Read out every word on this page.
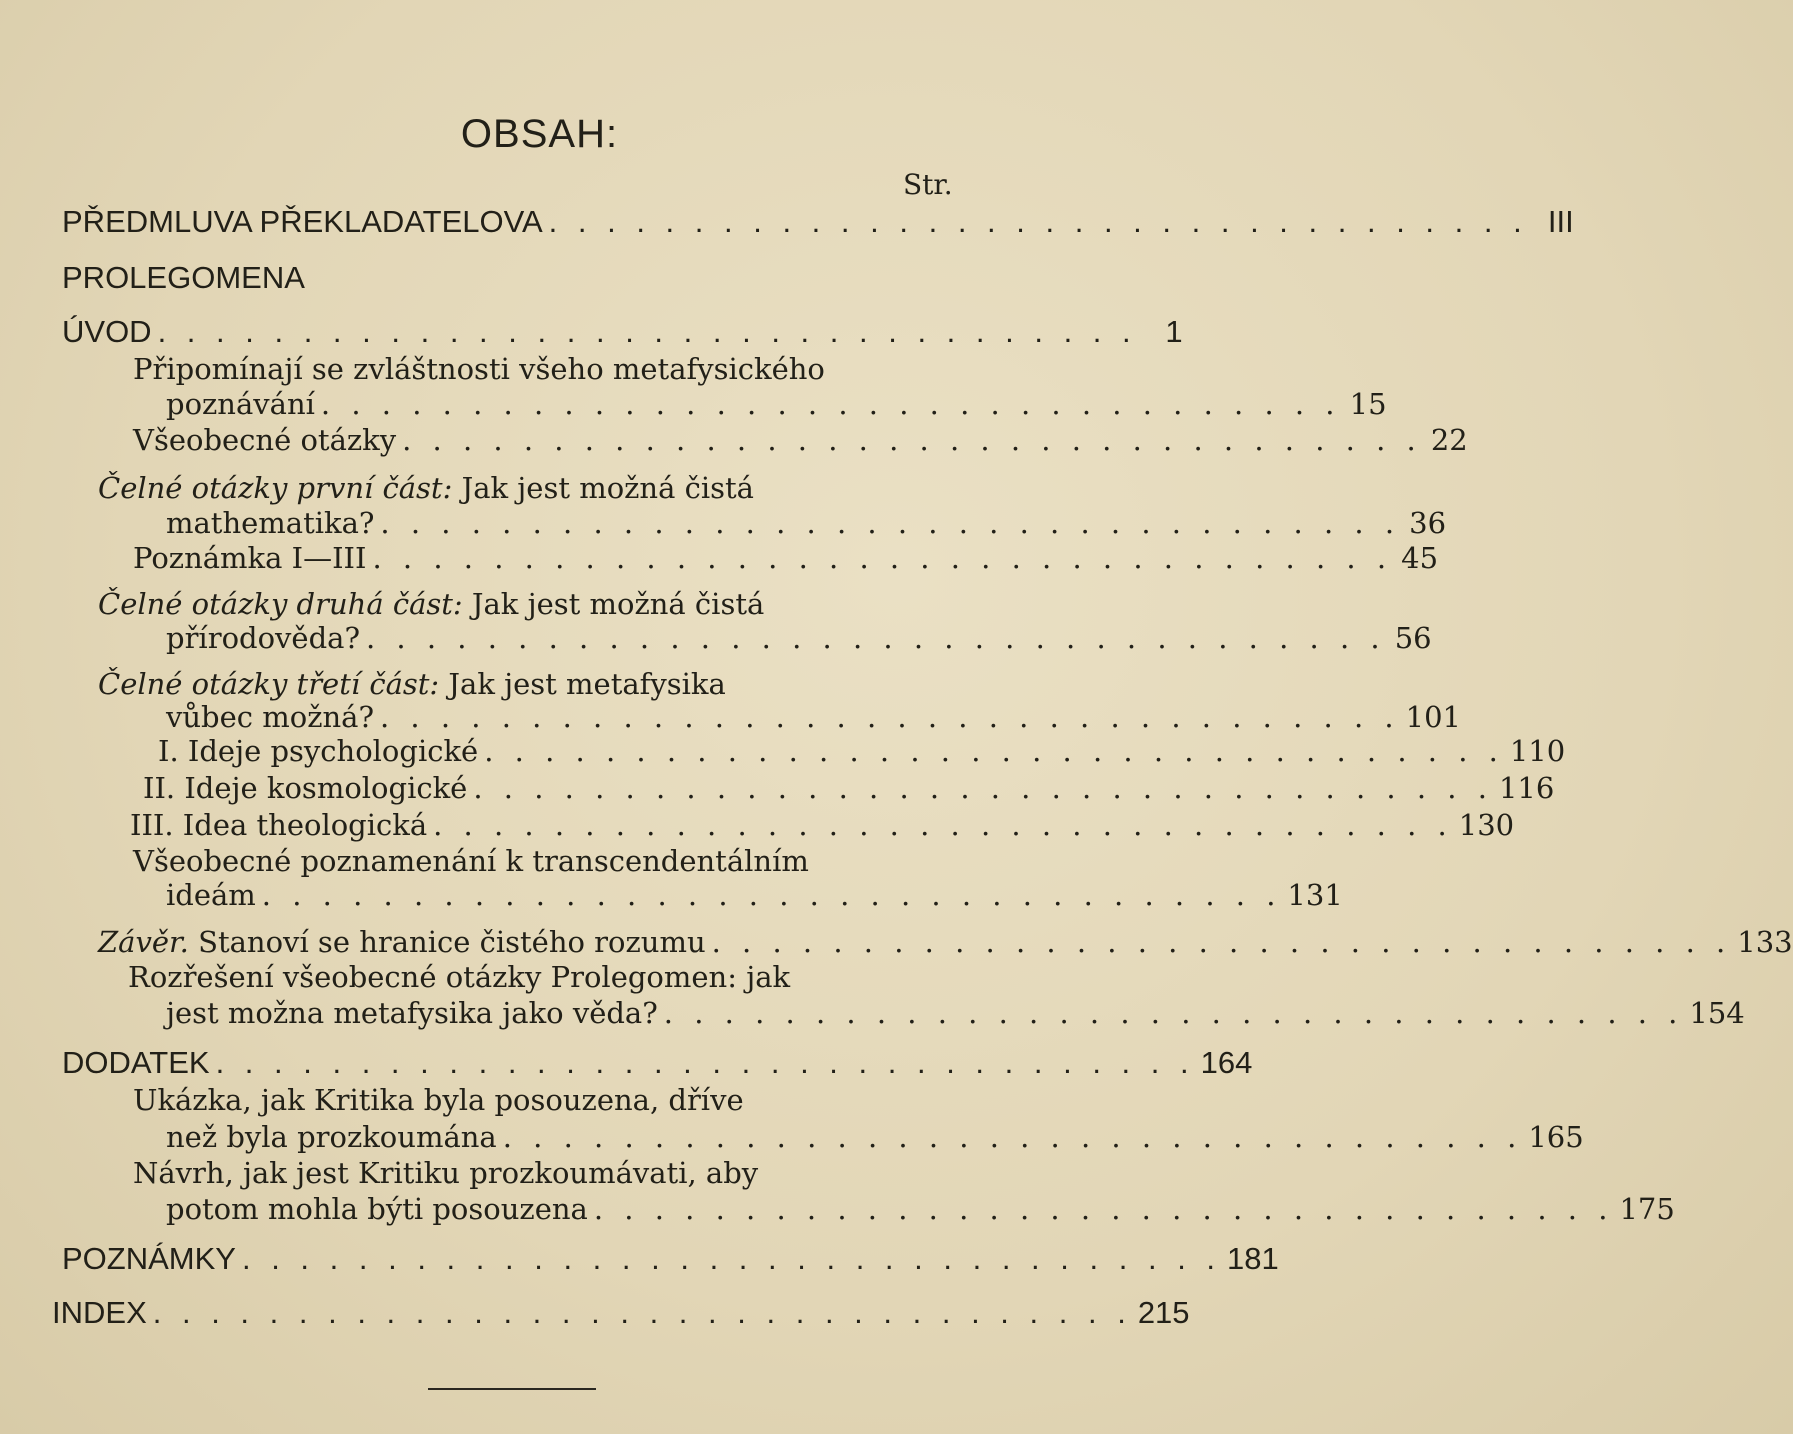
OBSAH:
Str.
PŘEDMLUVA PŘEKLADATELOVA . . . . . . . . . . . . . . . . . . . . . . . . . . . . . . . . . . III
PROLEGOMENA
ÚVOD . . . . . . . . . . . . . . . . . . . . . . . . . . . . . . . . . . 1
Připomínají se zvláštnosti všeho metafysického
poznávání . . . . . . . . . . . . . . . . . . . . . . . . . . . . . . . . . . 15
Všeobecné otázky . . . . . . . . . . . . . . . . . . . . . . . . . . . . . . . . . . 22
Čelné otázky první část:
Jak jest možná čistá
mathematika? . . . . . . . . . . . . . . . . . . . . . . . . . . . . . . . . . . 36
Poznámka I—III . . . . . . . . . . . . . . . . . . . . . . . . . . . . . . . . . . 45
Čelné otázky druhá část:
Jak jest možná čistá
přírodověda? . . . . . . . . . . . . . . . . . . . . . . . . . . . . . . . . . . 56
Čelné otázky třetí část:
Jak jest metafysika
vůbec možná? . . . . . . . . . . . . . . . . . . . . . . . . . . . . . . . . . . 101
I. Ideje psychologické . . . . . . . . . . . . . . . . . . . . . . . . . . . . . . . . . . 110
II. Ideje kosmologické . . . . . . . . . . . . . . . . . . . . . . . . . . . . . . . . . . 116
III. Idea theologická . . . . . . . . . . . . . . . . . . . . . . . . . . . . . . . . . . 130
Všeobecné poznamenání k transcendentálním
ideám . . . . . . . . . . . . . . . . . . . . . . . . . . . . . . . . . . 131
Závěr.
Stanoví se hranice čistého rozumu . . . . . . . . . . . . . . . . . . . . . . . . . . . . . . . . . . 133
Rozřešení všeobecné otázky Prolegomen: jak
jest možna metafysika jako věda? . . . . . . . . . . . . . . . . . . . . . . . . . . . . . . . . . . 154
DODATEK . . . . . . . . . . . . . . . . . . . . . . . . . . . . . . . . . . 164
Ukázka, jak Kritika byla posouzena, dříve
než byla prozkoumána . . . . . . . . . . . . . . . . . . . . . . . . . . . . . . . . . . 165
Návrh, jak jest Kritiku prozkoumávati, aby
potom mohla býti posouzena . . . . . . . . . . . . . . . . . . . . . . . . . . . . . . . . . . 175
POZNÁMKY . . . . . . . . . . . . . . . . . . . . . . . . . . . . . . . . . . 181
INDEX . . . . . . . . . . . . . . . . . . . . . . . . . . . . . . . . . . 215
